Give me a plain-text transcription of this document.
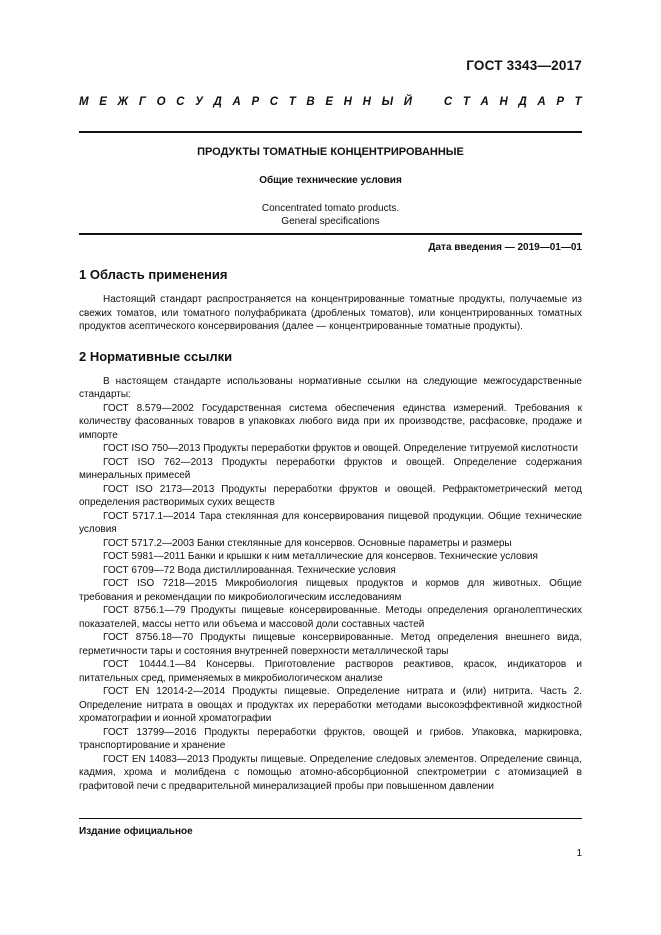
ГОСТ 3343—2017
М Е Ж Г О С У Д А Р С Т В Е Н Н Ы Й	С Т А Н Д А Р Т
ПРОДУКТЫ ТОМАТНЫЕ КОНЦЕНТРИРОВАННЫЕ
Общие технические условия
Concentrated tomato products.
General specifications
Дата введения — 2019—01—01
1 Область применения

Настоящий стандарт распространяется на концентрированные томатные продукты, получаемые из свежих томатов, или томатного полуфабриката (дробленых томатов), или концентрированных томатных продуктов асептического консервирования (далее — концентрированные томатные продукты).

2 Нормативные ссылки

В настоящем стандарте использованы нормативные ссылки на следующие межгосударственные стандарты:

ГОСТ 8.579—2002 Государственная система обеспечения единства измерений. Требования к количеству фасованных товаров в упаковках любого вида при их производстве, расфасовке, продаже и импорте

ГОСТ ISO 750—2013 Продукты переработки фруктов и овощей. Определение титруемой кислотности

ГОСТ ISO 762—2013 Продукты переработки фруктов и овощей. Определение содержания минеральных примесей

ГОСТ ISO 2173—2013 Продукты переработки фруктов и овощей. Рефрактометрический метод определения растворимых сухих веществ

ГОСТ 5717.1—2014 Тара стеклянная для консервирования пищевой продукции. Общие технические условия

ГОСТ 5717.2—2003 Банки стеклянные для консервов. Основные параметры и размеры

ГОСТ 5981—2011 Банки и крышки к ним металлические для консервов. Технические условия

ГОСТ 6709—72 Вода дистиллированная. Технические условия

ГОСТ ISO 7218—2015 Микробиология пищевых продуктов и кормов для животных. Общие требования и рекомендации по микробиологическим исследованиям

ГОСТ 8756.1—79 Продукты пищевые консервированные. Методы определения органолептических показателей, массы нетто или объема и массовой доли составных частей

ГОСТ 8756.18—70 Продукты пищевые консервированные. Метод определения внешнего вида, герметичности тары и состояния внутренней поверхности металлической тары

ГОСТ 10444.1—84 Консервы. Приготовление растворов реактивов, красок, индикаторов и питательных сред, применяемых в микробиологическом анализе

ГОСТ EN 12014-2—2014 Продукты пищевые. Определение нитрата и (или) нитрита. Часть 2. Определение нитрата в овощах и продуктах их переработки методами высокоэффективной жидкостной хроматографии и ионной хроматографии

ГОСТ 13799—2016 Продукты переработки фруктов, овощей и грибов. Упаковка, маркировка, транспортирование и хранение

ГОСТ EN 14083—2013 Продукты пищевые. Определение следовых элементов. Определение свинца, кадмия, хрома и молибдена с помощью атомно-абсорбционной спектрометрии с атомизацией в графитовой печи с предварительной минерализацией пробы при повышенном давлении

Издание официальное
1
